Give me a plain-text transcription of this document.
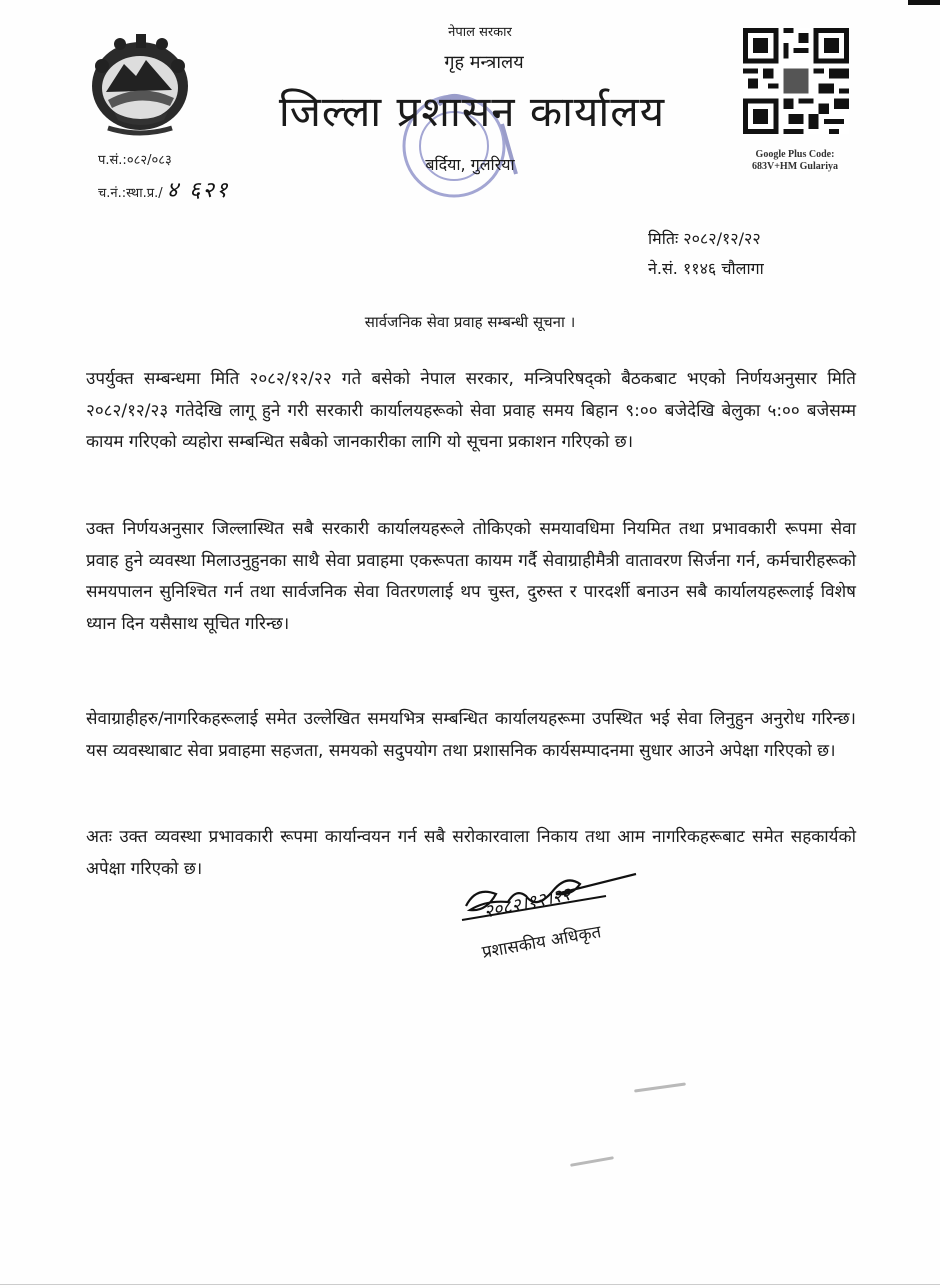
प.सं.:०८२/०८३
च.नं.:स्था.प्र./ ४ ६२१
नेपाल सरकार
गृह मन्त्रालय
जिल्ला प्रशासन कार्यालय
बर्दिया, गुलरिया
Google Plus Code:
683V+HM Gulariya
मितिः २०८२/१२/२२
ने.सं. ११४६ चौलागा
सार्वजनिक सेवा प्रवाह सम्बन्धी सूचना ।
उपर्युक्त सम्बन्धमा मिति २०८२/१२/२२ गते बसेको नेपाल सरकार, मन्त्रिपरिषद्को बैठकबाट भएको निर्णयअनुसार मिति २०८२/१२/२३ गतेदेखि लागू हुने गरी सरकारी कार्यालयहरूको सेवा प्रवाह समय बिहान ९:०० बजेदेखि बेलुका ५:०० बजेसम्म कायम गरिएको व्यहोरा सम्बन्धित सबैको जानकारीका लागि यो सूचना प्रकाशन गरिएको छ।
उक्त निर्णयअनुसार जिल्लास्थित सबै सरकारी कार्यालयहरूले तोकिएको समयावधिमा नियमित तथा प्रभावकारी रूपमा सेवा प्रवाह हुने व्यवस्था मिलाउनुहुनका साथै सेवा प्रवाहमा एकरूपता कायम गर्दै सेवाग्राहीमैत्री वातावरण सिर्जना गर्न, कर्मचारीहरूको समयपालन सुनिश्चित गर्न तथा सार्वजनिक सेवा वितरणलाई थप चुस्त, दुरुस्त र पारदर्शी बनाउन सबै कार्यालयहरूलाई विशेष ध्यान दिन यसैसाथ सूचित गरिन्छ।
सेवाग्राहीहरु/नागरिकहरूलाई समेत उल्लेखित समयभित्र सम्बन्धित कार्यालयहरूमा उपस्थित भई सेवा लिनुहुन अनुरोध गरिन्छ। यस व्यवस्थाबाट सेवा प्रवाहमा सहजता, समयको सदुपयोग तथा प्रशासनिक कार्यसम्पादनमा सुधार आउने अपेक्षा गरिएको छ।
अतः उक्त व्यवस्था प्रभावकारी रूपमा कार्यान्वयन गर्न सबै सरोकारवाला निकाय तथा आम नागरिकहरूबाट समेत सहकार्यको अपेक्षा गरिएको छ।
२०८२।१२।२२
प्रशासकीय अधिकृत
